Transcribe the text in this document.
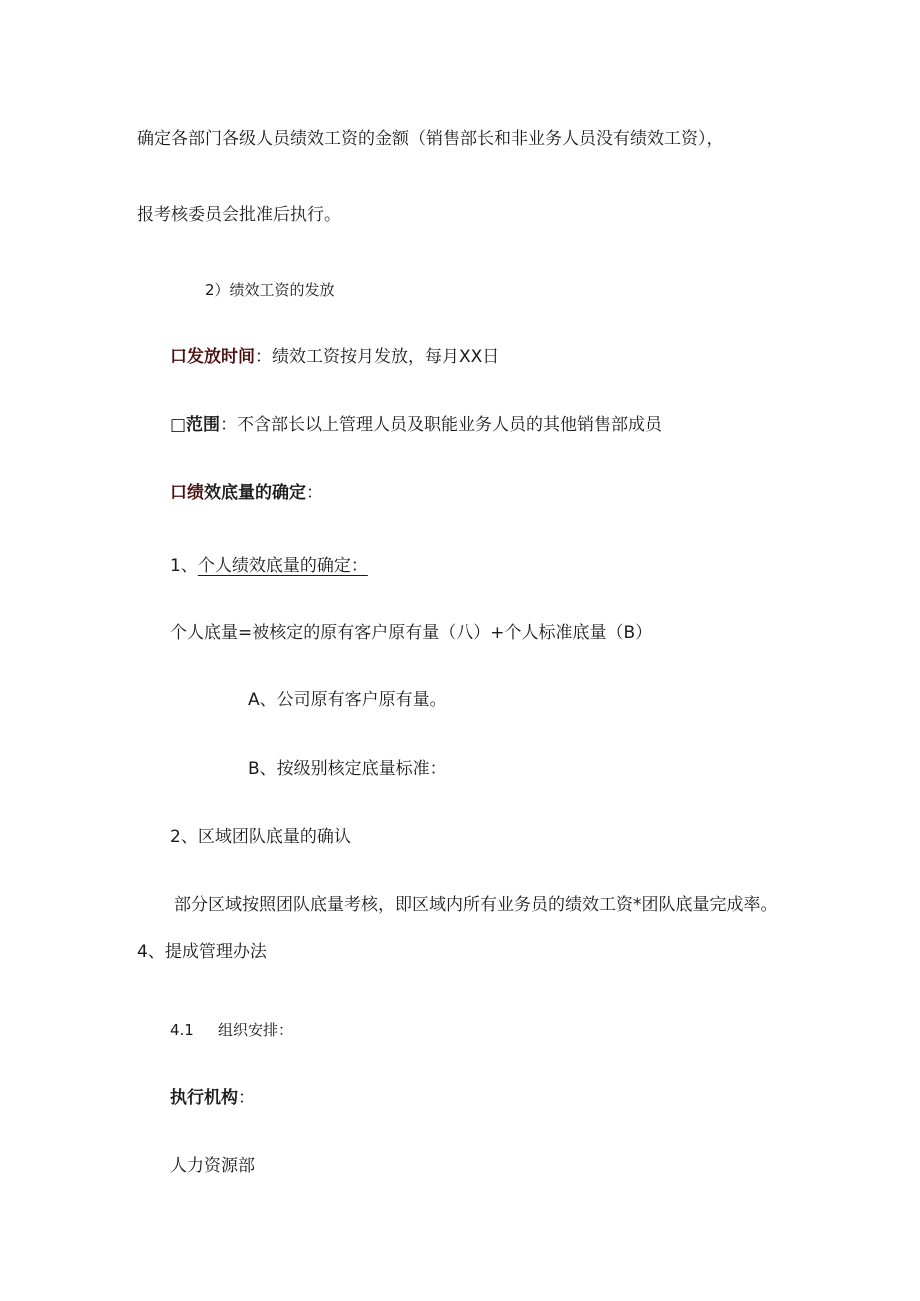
确定各部门各级人员绩效工资的金额（销售部长和非业务人员没有绩效工资），
报考核委员会批准后执行。
2）绩效工资的发放
口发放时间：绩效工资按月发放，每月XX日
□范围：不含部长以上管理人员及职能业务人员的其他销售部成员
口绩效底量的确定：
1、个人绩效底量的确定：
个人底量=被核定的原有客户原有量（八）+个人标准底量（B）
A、公司原有客户原有量。
B、按级别核定底量标准：
2、区域团队底量的确认
部分区域按照团队底量考核，即区域内所有业务员的绩效工资*团队底量完成率。
4、提成管理办法
4.1 组织安排：
执行机构：
人力资源部
